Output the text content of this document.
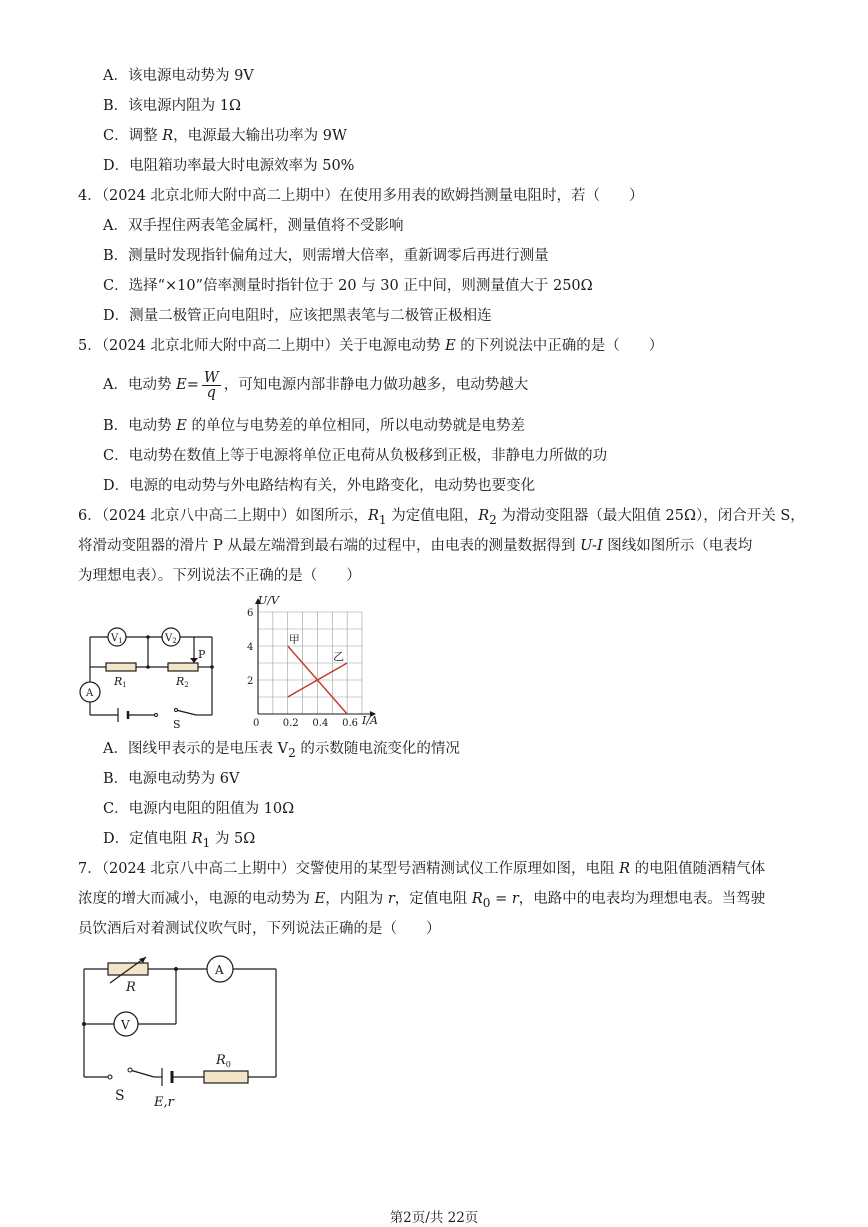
A．该电源电动势为 9V
B．该电源内阻为 1Ω
C．调整 R，电源最大输出功率为 9W
D．电阻箱功率最大时电源效率为 50%
4．（2024 北京北师大附中高二上期中）在使用多用表的欧姆挡测量电阻时，若（　　）
A．双手捏住两表笔金属杆，测量值将不受影响
B．测量时发现指针偏角过大，则需增大倍率，重新调零后再进行测量
C．选择“×10”倍率测量时指针位于 20 与 30 正中间，则测量值大于 250Ω
D．测量二极管正向电阻时，应该把黑表笔与二极管正极相连
5．（2024 北京北师大附中高二上期中）关于电源电动势 E 的下列说法中正确的是（　　）
A．电动势 $E= \frac{W}{q}$ ，可知电源内部非静电力做功越多，电动势越大
B．电动势 E 的单位与电势差的单位相同，所以电动势就是电势差
C．电动势在数值上等于电源将单位正电荷从负极移到正极，非静电力所做的功
D．电源的电动势与外电路结构有关，外电路变化，电动势也要变化
6．（2024 北京八中高二上期中）如图所示，$R_1$ 为定值电阻，$R_2$ 为滑动变阻器（最大阻值 25Ω），闭合开关 S，
将滑动变阻器的滑片 P 从最左端滑到最右端的过程中，由电表的测量数据得到 U-I 图线如图所示（电表均
为理想电表）。下列说法不正确的是（　　）
$V_1$	$V_2$
P
R1	R2
A
S	0 0.2 0.4 0.6
2
4
6
U/V
I/A
甲
乙
A．图线甲表示的是电压表 $V_2$ 的示数随电流变化的情况
B．电源电动势为 6V
C．电源内电阻的阻值为 10Ω
D．定值电阻 $R_1$ 为 5Ω
7．（2024 北京八中高二上期中）交警使用的某型号酒精测试仪工作原理如图，电阻 R 的电阻值随酒精气体
浓度的增大而减小，电源的电动势为 E，内阻为 r，定值电阻 $R_0 = r$，电路中的电表均为理想电表。当驾驶
员饮酒后对着测试仪吹气时，下列说法正确的是（　　）
R
A
V
$R_0$
S E,r
第2页/共 22页
